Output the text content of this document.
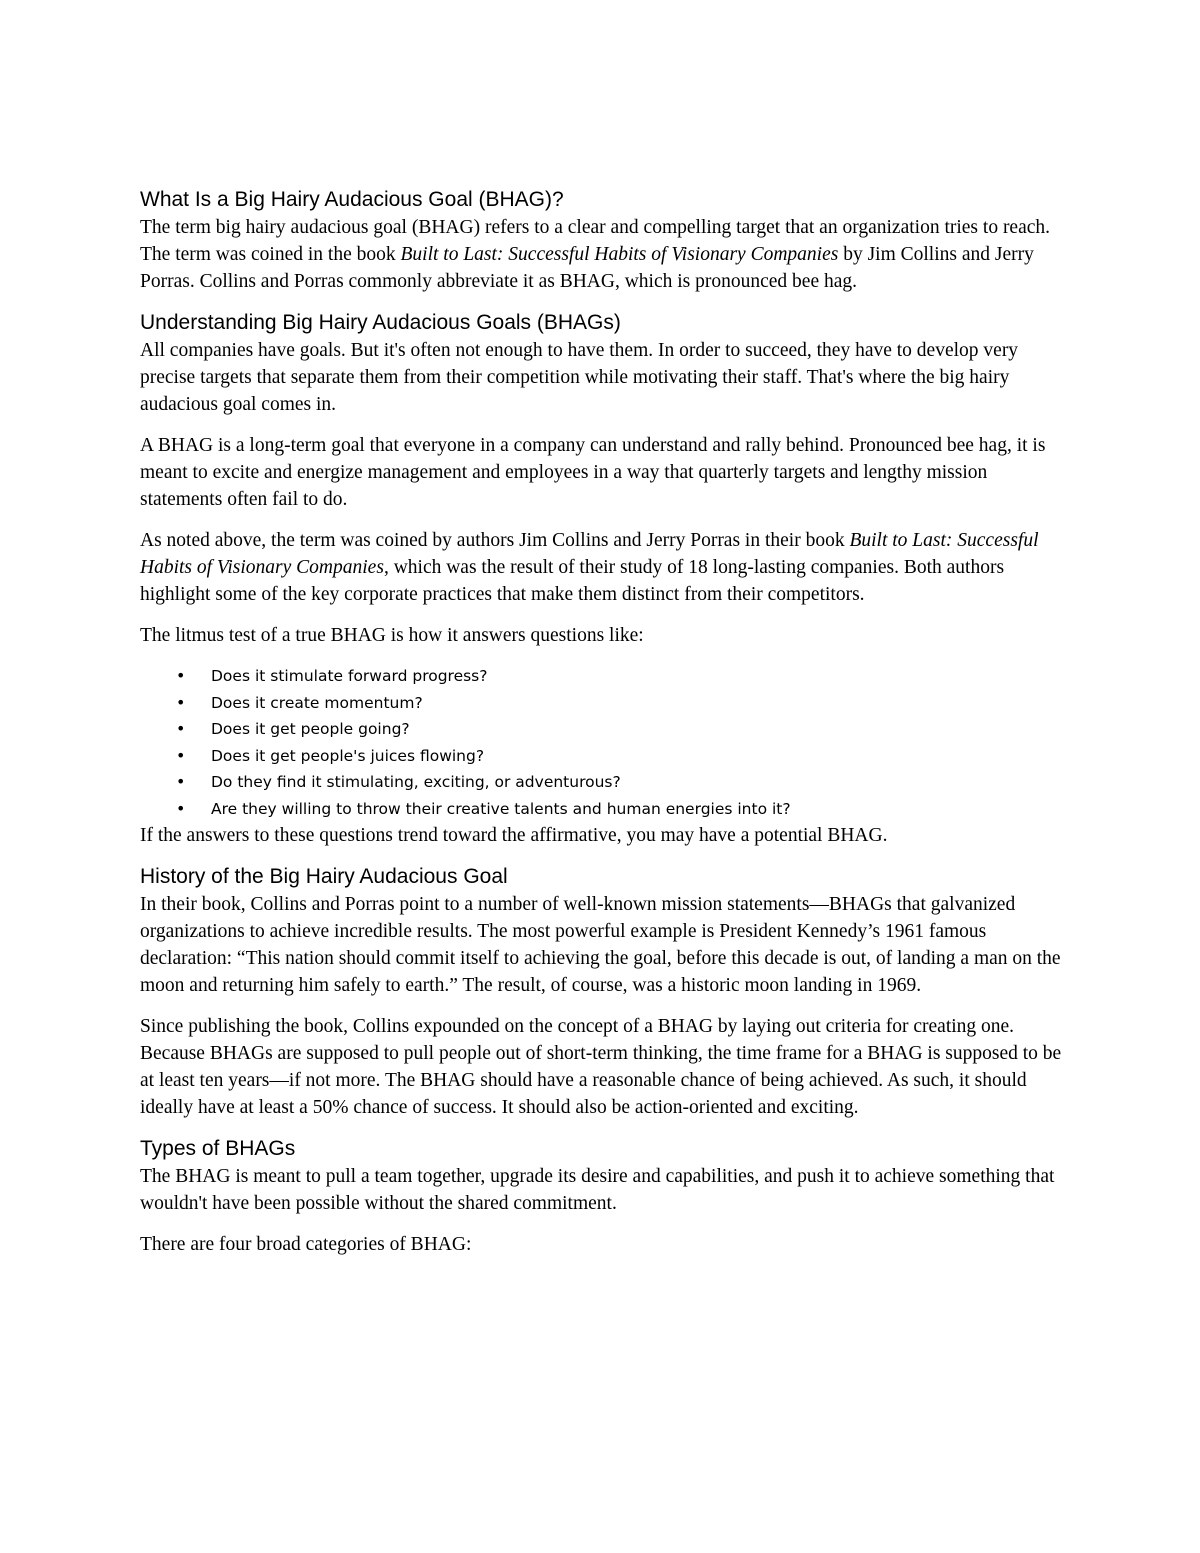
What Is a Big Hairy Audacious Goal (BHAG)?

The term big hairy audacious goal (BHAG) refers to a clear and compelling target that an organization tries to reach. The term was coined in the book Built to Last: Successful Habits of Visionary Companies by Jim Collins and Jerry Porras. Collins and Porras commonly abbreviate it as BHAG, which is pronounced bee hag.

Understanding Big Hairy Audacious Goals (BHAGs)

All companies have goals. But it's often not enough to have them. In order to succeed, they have to develop very precise targets that separate them from their competition while motivating their staff. That's where the big hairy audacious goal comes in.

A BHAG is a long-term goal that everyone in a company can understand and rally behind. Pronounced bee hag, it is meant to excite and energize management and employees in a way that quarterly targets and lengthy mission statements often fail to do.

As noted above, the term was coined by authors Jim Collins and Jerry Porras in their book Built to Last: Successful Habits of Visionary Companies, which was the result of their study of 18 long-lasting companies. Both authors highlight some of the key corporate practices that make them distinct from their competitors.

The litmus test of a true BHAG is how it answers questions like:

• Does it stimulate forward progress?
• Does it create momentum?
• Does it get people going?
• Does it get people's juices flowing?
• Do they find it stimulating, exciting, or adventurous?
• Are they willing to throw their creative talents and human energies into it?

If the answers to these questions trend toward the affirmative, you may have a potential BHAG.

History of the Big Hairy Audacious Goal

In their book, Collins and Porras point to a number of well-known mission statements—BHAGs that galvanized organizations to achieve incredible results. The most powerful example is President Kennedy’s 1961 famous declaration: “This nation should commit itself to achieving the goal, before this decade is out, of landing a man on the moon and returning him safely to earth.” The result, of course, was a historic moon landing in 1969.

Since publishing the book, Collins expounded on the concept of a BHAG by laying out criteria for creating one. Because BHAGs are supposed to pull people out of short-term thinking, the time frame for a BHAG is supposed to be at least ten years—if not more. The BHAG should have a reasonable chance of being achieved. As such, it should ideally have at least a 50% chance of success. It should also be action-oriented and exciting.

Types of BHAGs

The BHAG is meant to pull a team together, upgrade its desire and capabilities, and push it to achieve something that wouldn't have been possible without the shared commitment.

There are four broad categories of BHAG:
